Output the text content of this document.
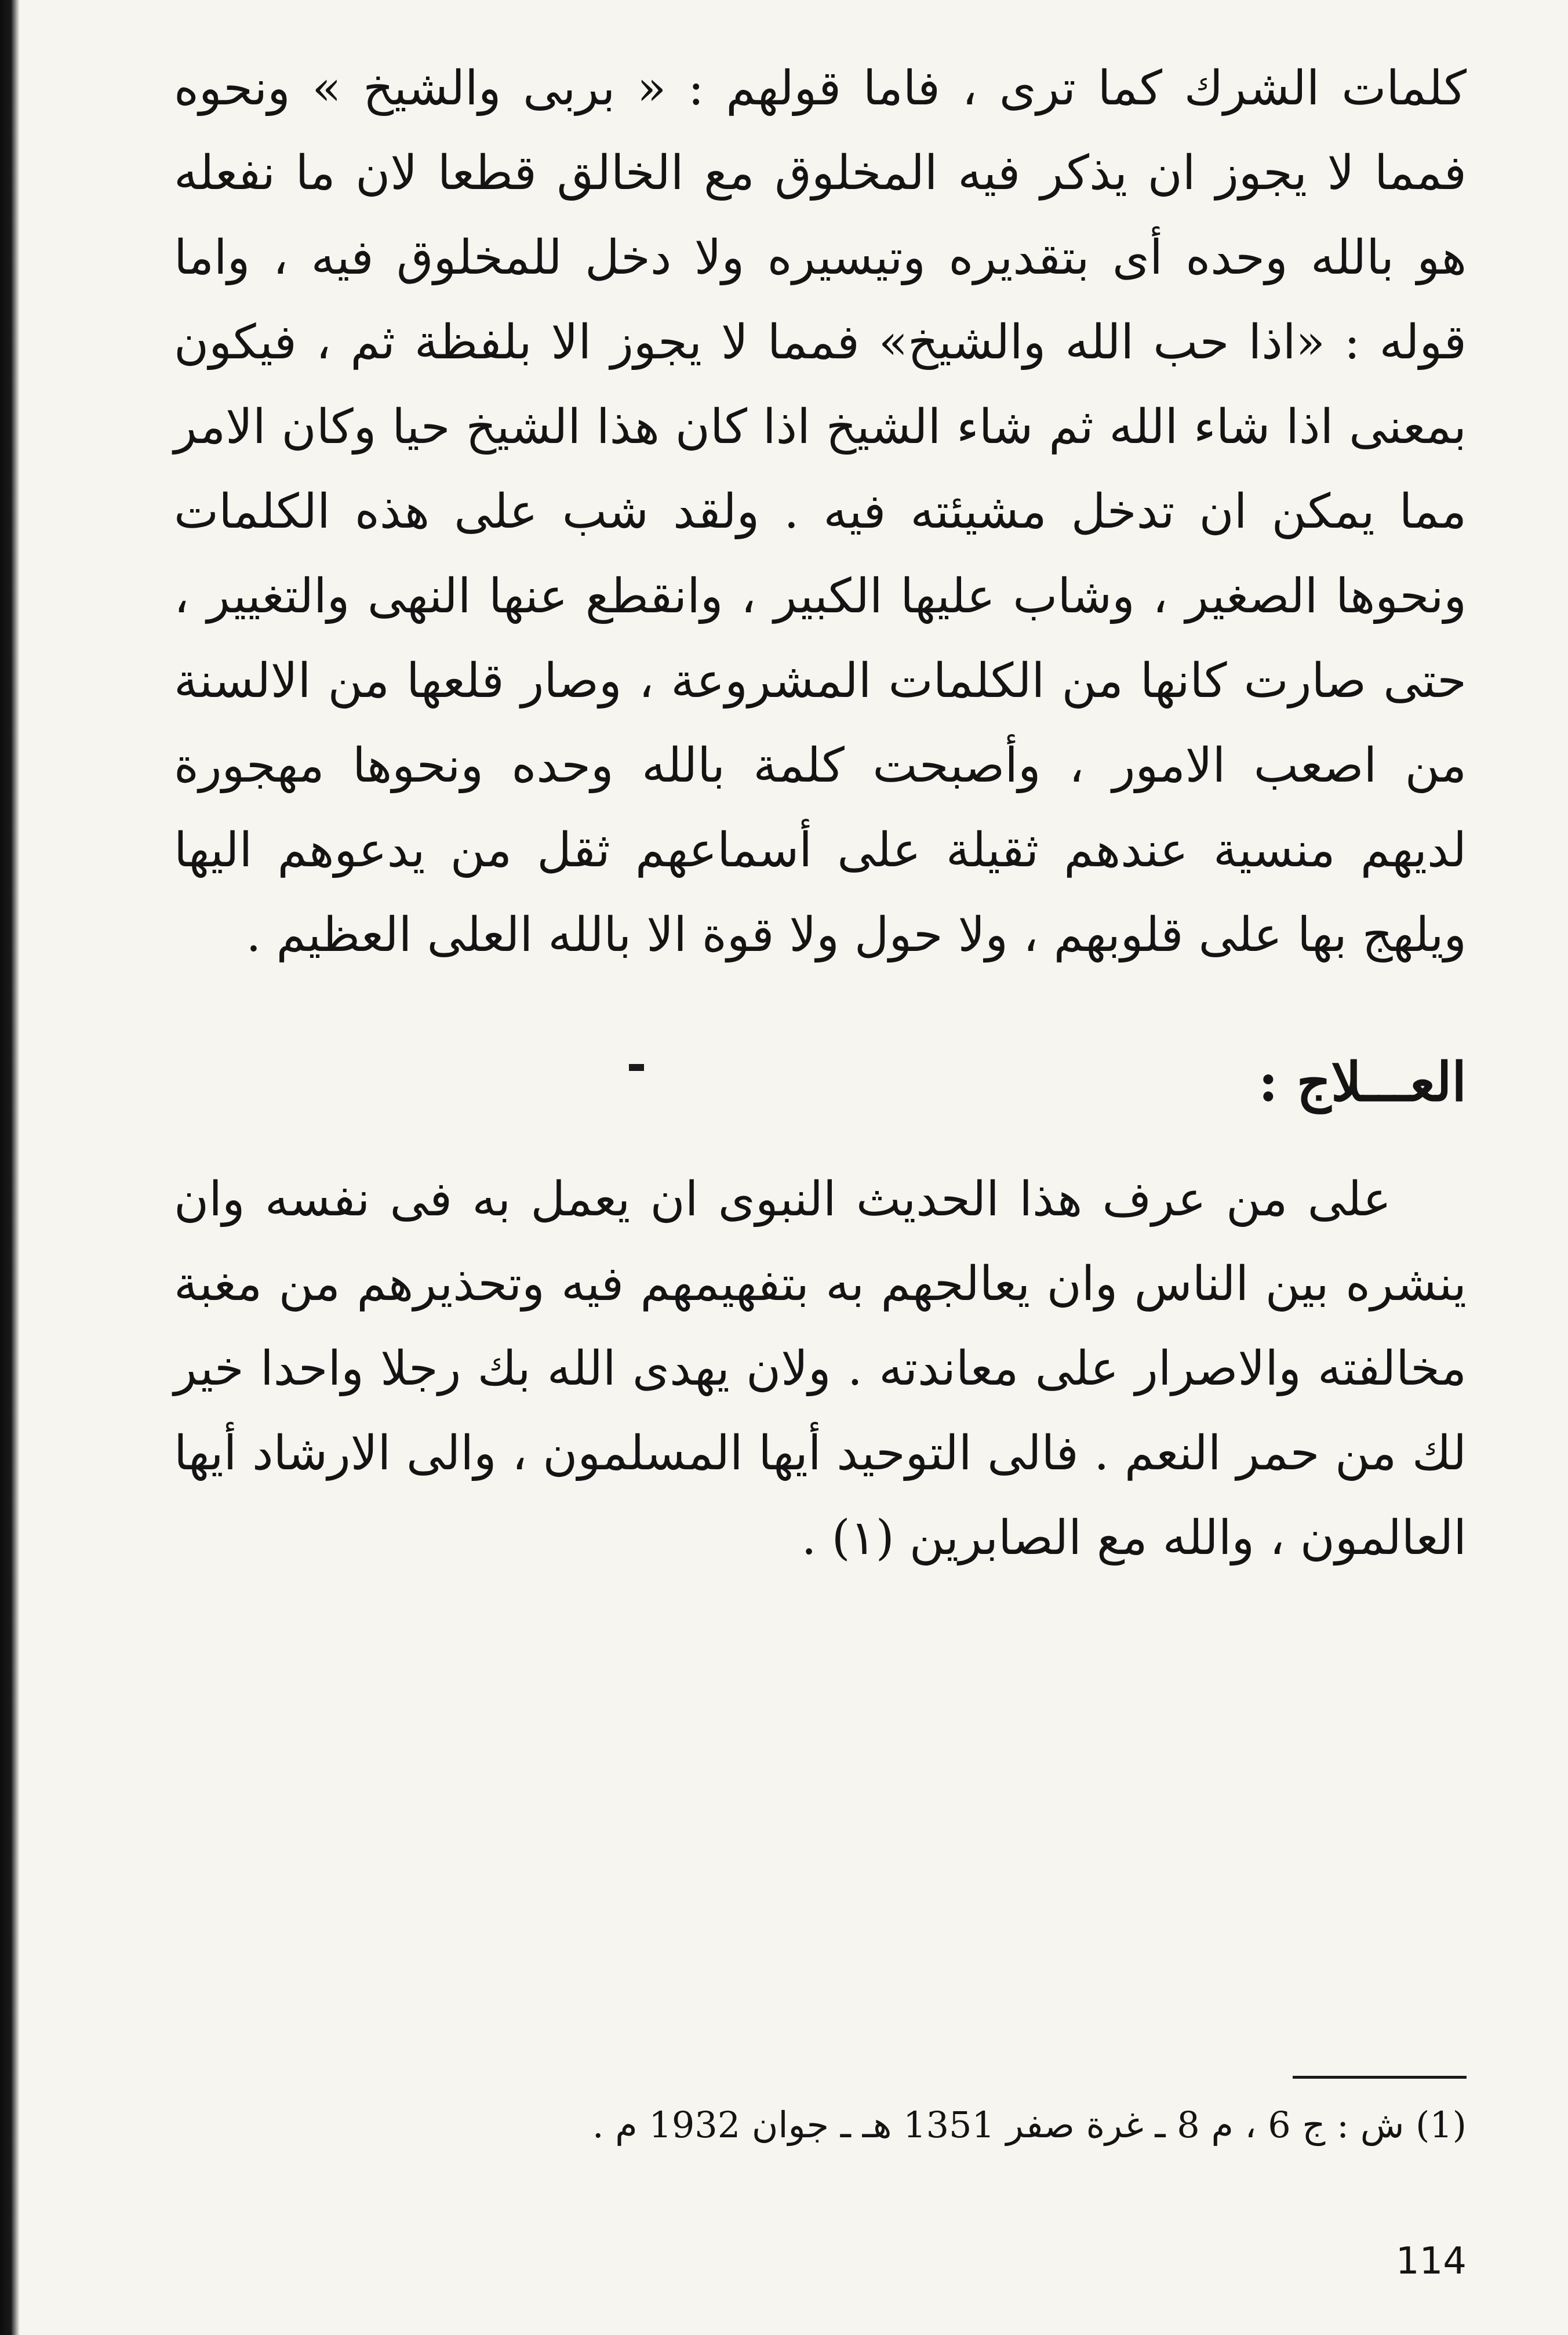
كلمات الشرك كما ترى ، فاما قولهم : « بربى والشيخ » ونحوه فمما لا يجوز ان يذكر فيه المخلوق مع الخالق قطعا لان ما نفعله هو بالله وحده أى بتقديره وتيسيره ولا دخل للمخلوق فيه ، واما قوله : «اذا حب الله والشيخ» فمما لا يجوز الا بلفظة ثم ، فيكون بمعنى اذا شاء الله ثم شاء الشيخ اذا كان هذا الشيخ حيا وكان الامر مما يمكن ان تدخل مشيئته فيه . ولقد شب على هذه الكلمات ونحوها الصغير ، وشاب عليها الكبير ، وانقطع عنها النهى والتغيير ، حتى صارت كانها من الكلمات المشروعة ، وصار قلعها من الالسنة من اصعب الامور ، وأصبحت كلمة بالله وحده ونحوها مهجورة لديهم منسية عندهم ثقيلة على أسماعهم ثقل من يدعوهم اليها ويلهج بها على قلوبهم ، ولا حول ولا قوة الا بالله العلى العظيم .

العـــلاج :

على من عرف هذا الحديث النبوى ان يعمل به فى نفسه وان ينشره بين الناس وان يعالجهم به بتفهيمهم فيه وتحذيرهم من مغبة مخالفته والاصرار على معاندته . ولان يهدى الله بك رجلا واحدا خير لك من حمر النعم . فالى التوحيد أيها المسلمون ، والى الارشاد أيها العالمون ، والله مع الصابرين (١) .

(1) ش : ج 6 ، م 8 ـ غرة صفر 1351 هـ ـ جوان 1932 م .
114
